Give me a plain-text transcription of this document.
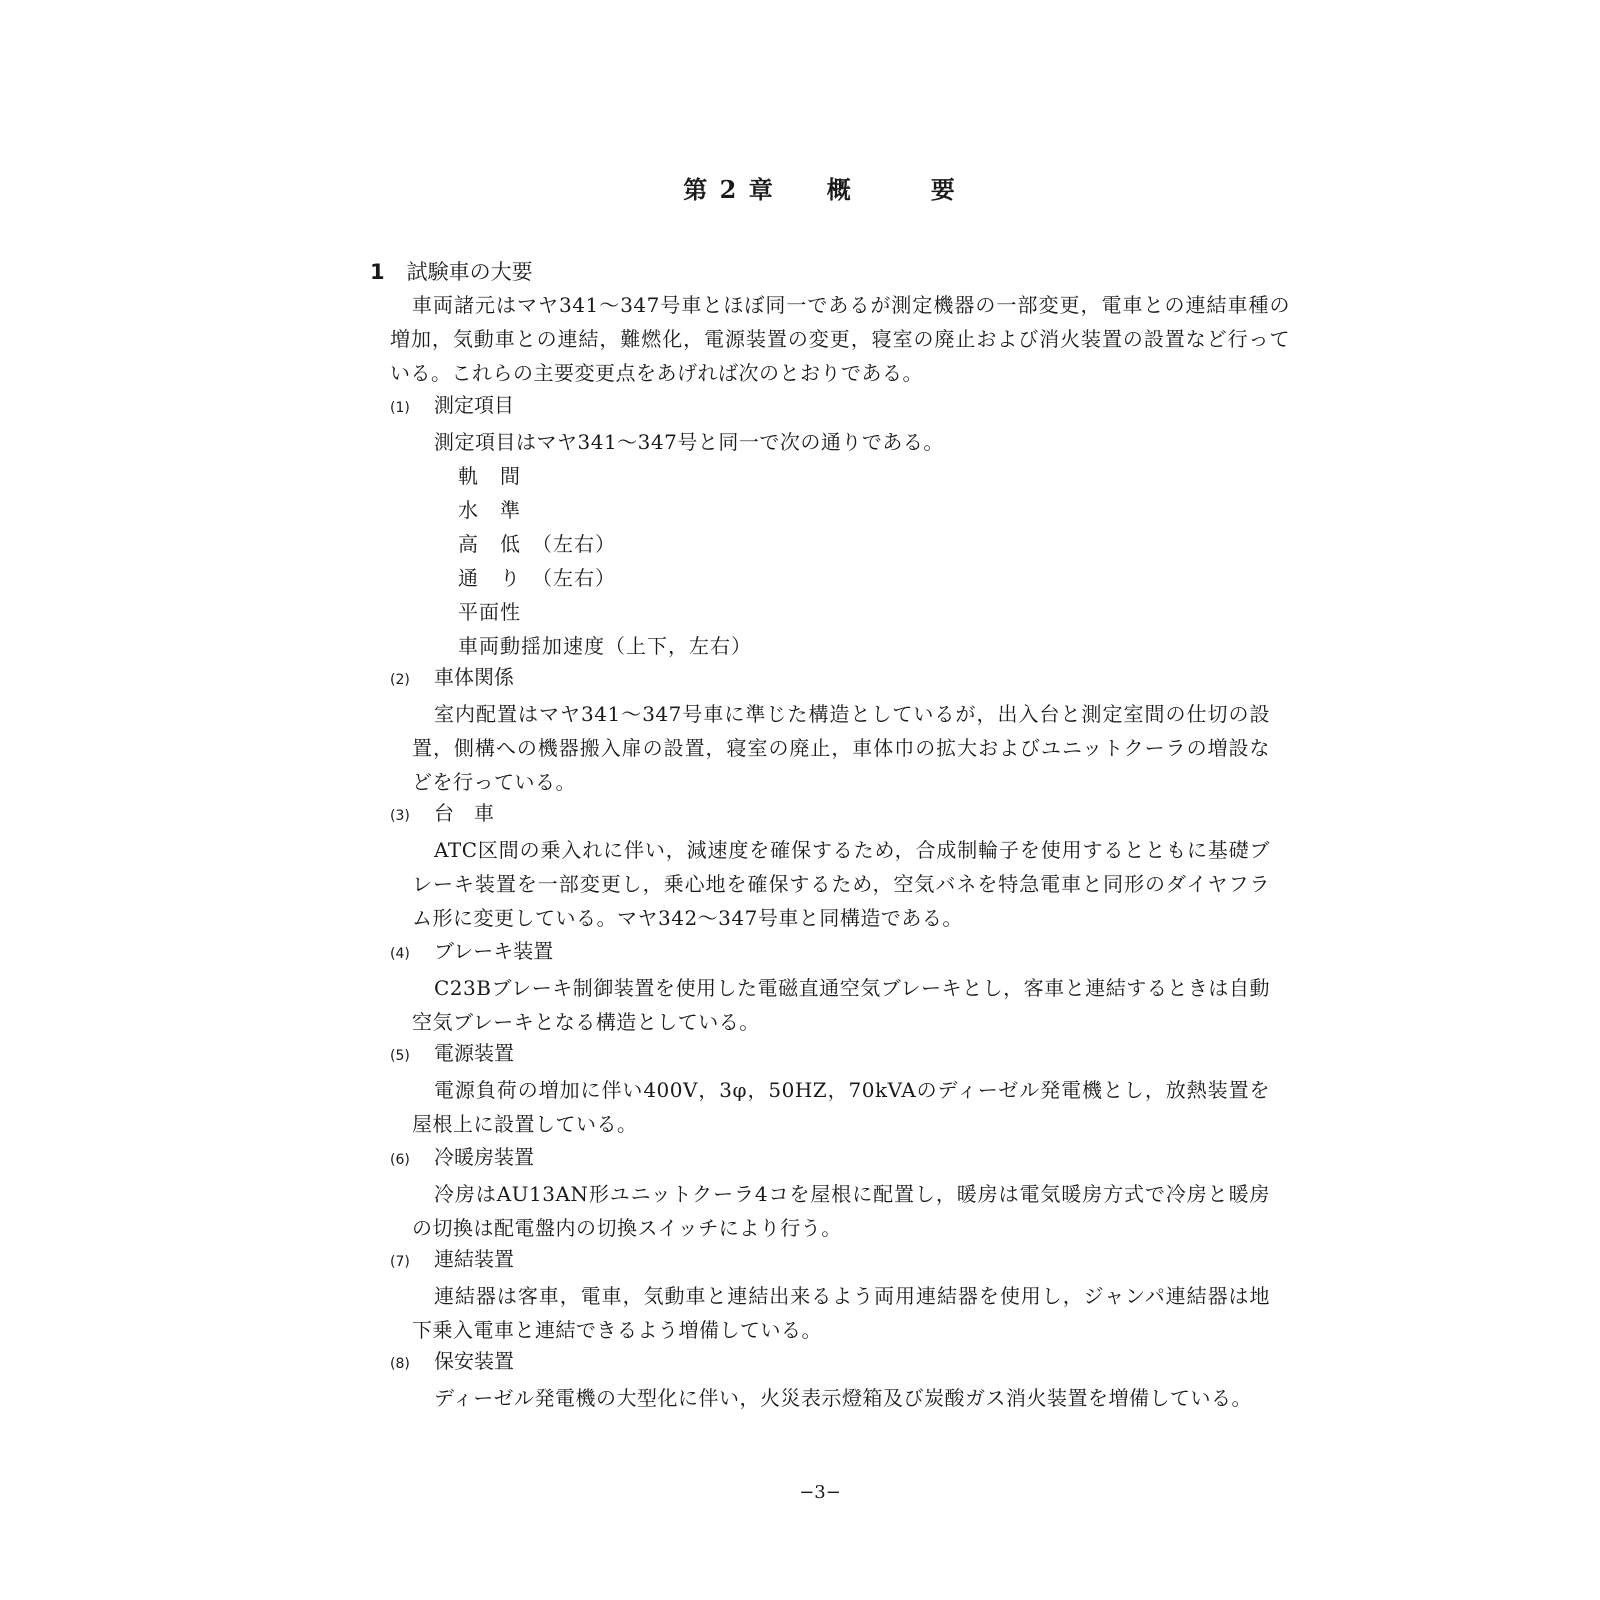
第 2 章　　概　　　要
1 試験車の大要
車両諸元はマヤ341〜347号車とほぼ同一であるが測定機器の一部変更，電車との連結車種の増加，気動車との連結，難燃化，電源装置の変更，寝室の廃止および消火装置の設置など行っている。これらの主要変更点をあげれば次のとおりである。
(1) 測定項目
測定項目はマヤ341〜347号と同一で次の通りである。
軌　間
水　準
高　低　（左右）
通　り　（左右）
平面性
車両動揺加速度（上下，左右）
(2) 車体関係
室内配置はマヤ341〜347号車に準じた構造としているが，出入台と測定室間の仕切の設置，側構への機器搬入扉の設置，寝室の廃止，車体巾の拡大およびユニットクーラの増設などを行っている。
(3) 台　車
ATC区間の乗入れに伴い，減速度を確保するため，合成制輪子を使用するとともに基礎ブレーキ装置を一部変更し，乗心地を確保するため，空気バネを特急電車と同形のダイヤフラム形に変更している。マヤ342〜347号車と同構造である。
(4) ブレーキ装置
C23Bブレーキ制御装置を使用した電磁直通空気ブレーキとし，客車と連結するときは自動空気ブレーキとなる構造としている。
(5) 電源装置
電源負荷の増加に伴い400V，3φ，50HZ，70kVAのディーゼル発電機とし，放熱装置を屋根上に設置している。
(6) 冷暖房装置
冷房はAU13AN形ユニットクーラ4コを屋根に配置し，暖房は電気暖房方式で冷房と暖房の切換は配電盤内の切換スイッチにより行う。
(7) 連結装置
連結器は客車，電車，気動車と連結出来るよう両用連結器を使用し，ジャンパ連結器は地下乗入電車と連結できるよう増備している。
(8) 保安装置
ディーゼル発電機の大型化に伴い，火災表示燈箱及び炭酸ガス消火装置を増備している。
−3−
